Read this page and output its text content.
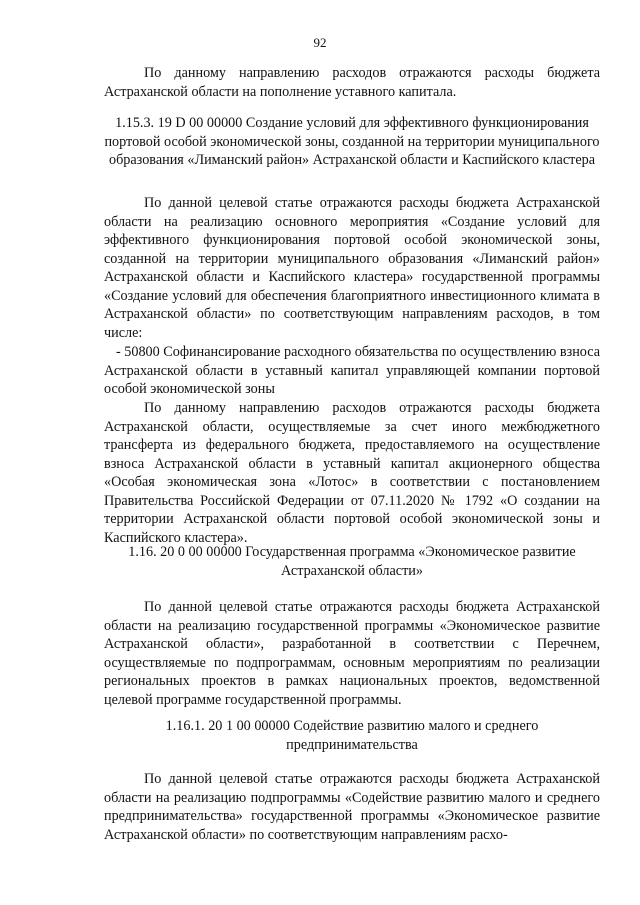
92

По данному направлению расходов отражаются расходы бюджета Астраханской области на пополнение уставного капитала.

1.15.3. 19 D 00 00000 Создание условий для эффективного функционирования портовой особой экономической зоны, созданной на территории муниципального образования «Лиманский район» Астраханской области и Каспийского кластера

По данной целевой статье отражаются расходы бюджета Астраханской области на реализацию основного мероприятия «Создание условий для эффективного функционирования портовой особой экономической зоны, созданной на территории муниципального образования «Лиманский район» Астраханской области и Каспийского кластера» государственной программы «Создание условий для обеспечения благоприятного инвестиционного климата в Астраханской области» по соответствующим направлениям расходов, в том числе:

- 50800 Софинансирование расходного обязательства по осуществлению взноса Астраханской области в уставный капитал управляющей компании портовой особой экономической зоны

По данному направлению расходов отражаются расходы бюджета Астраханской области, осуществляемые за счет иного межбюджетного трансферта из федерального бюджета, предоставляемого на осуществление взноса Астраханской области в уставный капитал акционерного общества «Особая экономическая зона «Лотос» в соответствии с постановлением Правительства Российской Федерации от 07.11.2020 № 1792 «О создании на территории Астраханской области портовой особой экономической зоны и Каспийского кластера».

1.16. 20 0 00 00000 Государственная программа «Экономическое развитие Астраханской области»

По данной целевой статье отражаются расходы бюджета Астраханской области на реализацию государственной программы «Экономическое развитие Астраханской области», разработанной в соответствии с Перечнем, осуществляемые по подпрограммам, основным мероприятиям по реализации региональных проектов в рамках национальных проектов, ведомственной целевой программе государственной программы.

1.16.1. 20 1 00 00000 Содействие развитию малого и среднего предпринимательства

По данной целевой статье отражаются расходы бюджета Астраханской области на реализацию подпрограммы «Содействие развитию малого и среднего предпринимательства» государственной программы «Экономическое развитие Астраханской области» по соответствующим направлениям расхо-
